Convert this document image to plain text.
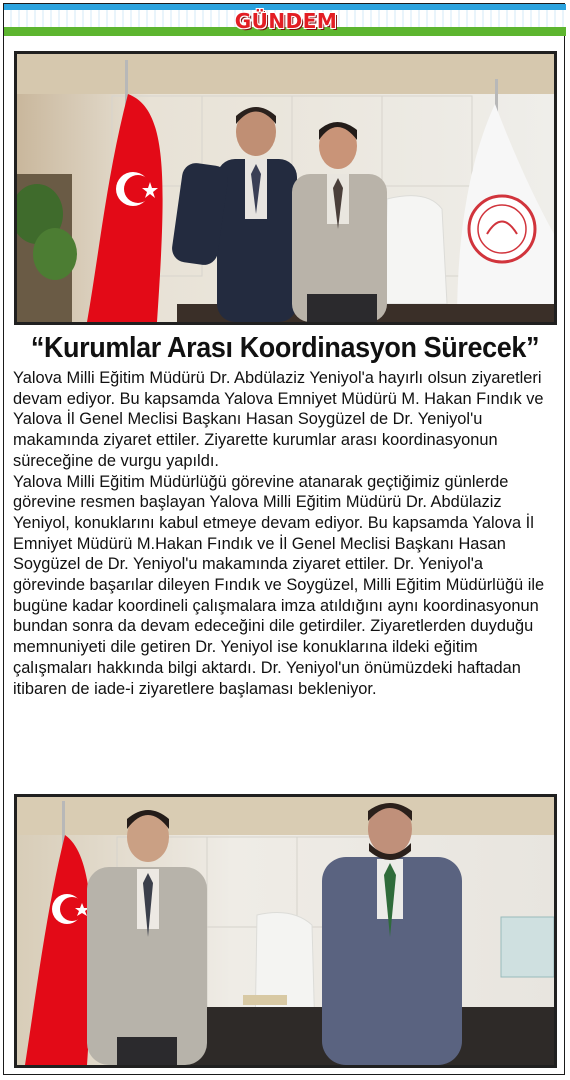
GÜNDEM
“Kurumlar Arası Koordinasyon Sürecek”

Yalova Milli Eğitim Müdürü Dr. Abdülaziz Yeniyol'a hayırlı olsun ziyaretleri devam ediyor. Bu kapsamda Yalova Emniyet Müdürü M. Hakan Fındık ve Yalova İl Genel Meclisi Başkanı Hasan Soygüzel de Dr. Yeniyol'u makamında ziyaret ettiler. Ziyarette kurumlar arası koordinasyonun süreceğine de vurgu yapıldı.

Yalova Milli Eğitim Müdürlüğü görevine atanarak geçtiğimiz günlerde görevine resmen başlayan Yalova Milli Eğitim Müdürü Dr. Abdülaziz Yeniyol, konuklarını kabul etmeye devam ediyor. Bu kapsamda Yalova İl Emniyet Müdürü M.Hakan Fındık ve İl Genel Meclisi Başkanı Hasan Soygüzel de Dr. Yeniyol'u makamında ziyaret ettiler. Dr. Yeniyol'a görevinde başarılar dileyen Fındık ve Soygüzel, Milli Eğitim Müdürlüğü ile bugüne kadar koordineli çalışmalara imza atıldığını aynı koordinasyonun bundan sonra da devam edeceğini dile getirdiler. Ziyaretlerden duyduğu memnuniyeti dile getiren Dr. Yeniyol ise konuklarına ildeki eğitim çalışmaları hakkında bilgi aktardı. Dr. Yeniyol'un önümüzdeki haftadan itibaren de iade-i ziyaretlere başlaması bekleniyor.
